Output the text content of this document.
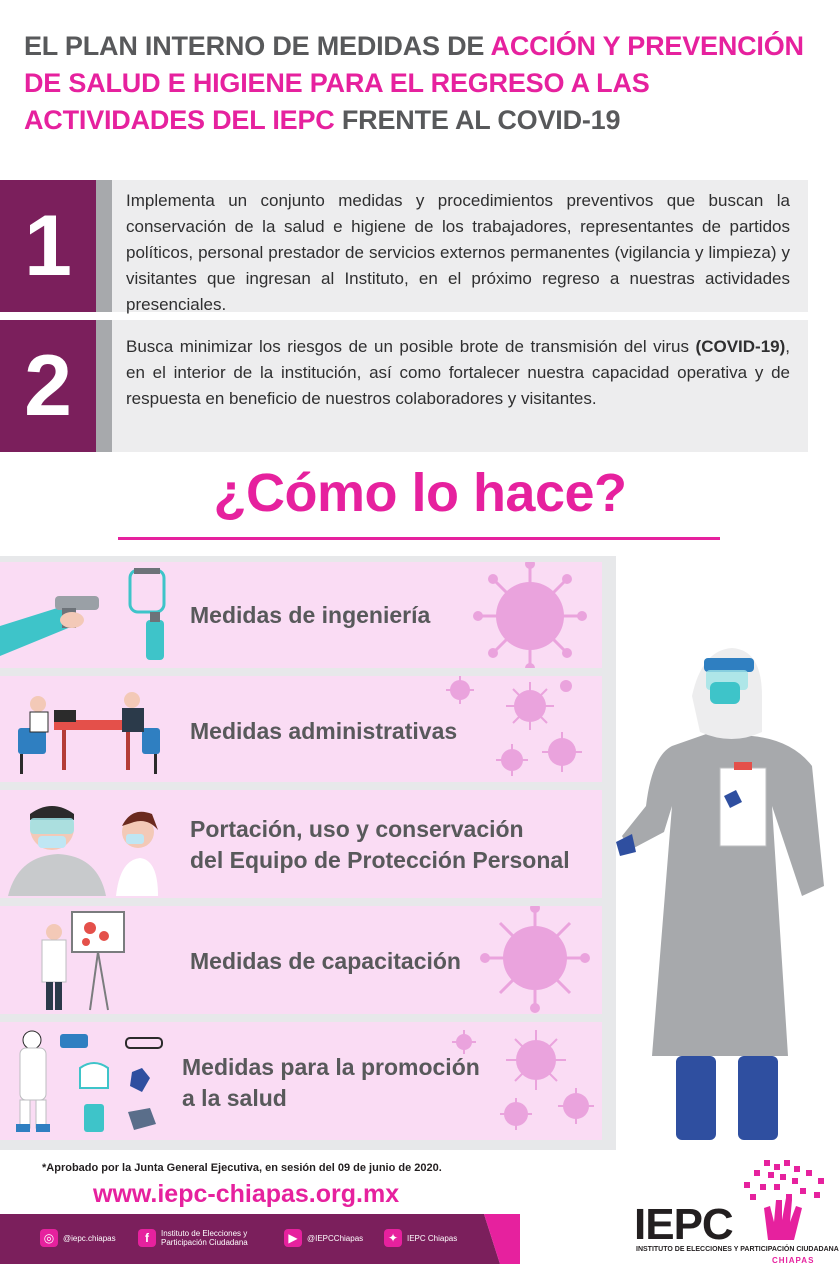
EL PLAN INTERNO DE MEDIDAS DE ACCIÓN Y PREVENCIÓN DE SALUD E HIGIENE PARA EL REGRESO A LAS ACTIVIDADES DEL IEPC FRENTE AL COVID-19
1	Implementa un conjunto medidas y procedimientos preventivos que buscan la conservación de la salud e higiene de los trabajadores, representantes de partidos políticos, personal prestador de servicios externos permanentes (vigilancia y limpieza) y visitantes que ingresan al Instituto, en el próximo regreso a nuestras actividades presenciales.
2	Busca minimizar los riesgos de un posible brote de transmisión del virus (COVID-19), en el interior de la institución, así como fortalecer nuestra capacidad operativa y de respuesta en beneficio de nuestros colaboradores y visitantes.
¿Cómo lo hace?
Medidas de ingeniería
Medidas administrativas
Portación, uso y conservación
del Equipo de Protección Personal
Medidas de capacitación
Medidas para la promoción
a la salud
*Aprobado por la Junta General Ejecutiva, en sesión del 09 de junio de 2020.
www.iepc-chiapas.org.mx
◎	@iepc.chiapas	f	Instituto de Elecciones y
Participación Ciudadana	▶	@IEPCChiapas	✦	IEPC Chiapas	IEPC
INSTITUTO DE ELECCIONES Y PARTICIPACIÓN CIUDADANA
CHIAPAS
